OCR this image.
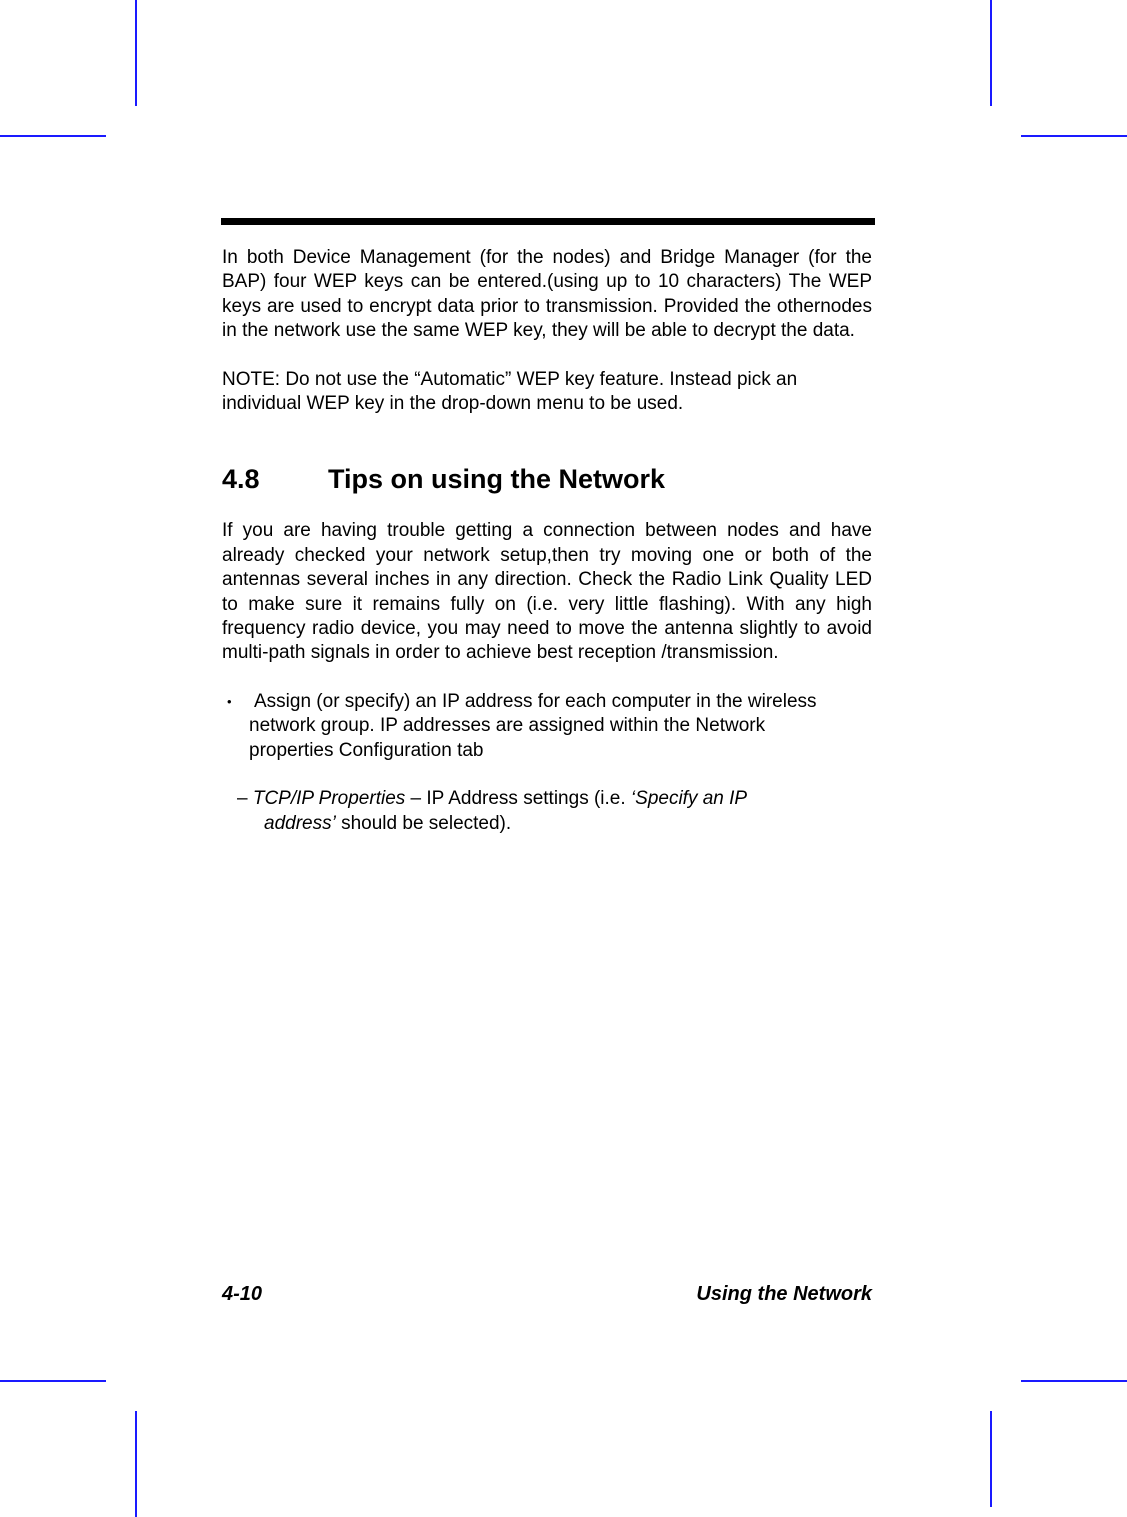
In both Device Management (for the nodes) and Bridge Manager (for the BAP) four WEP keys can be entered.(using up to 10 characters) The WEP keys are used to encrypt data prior to transmission. Provided the othernodes in the network use the same WEP key, they will be able to decrypt the data.

NOTE: Do not use the “Automatic” WEP key feature. Instead pick an
individual WEP key in the drop-down menu to be used.

4.8	Tips on using the Network

If you are having trouble getting a connection between nodes and have already checked your network setup,then try moving one or both of the antennas several inches in any direction. Check the Radio Link Quality LED to make sure it remains fully on (i.e. very little flashing). With any high frequency radio device, you may need to move the antenna slightly to avoid multi-path signals in order to achieve best reception /transmission.

•	Assign (or specify) an IP address for each computer in the wireless
network group. IP addresses are assigned within the Network
properties Configuration tab
– TCP/IP Properties – IP Address settings (i.e. ‘Specify an IP
address’ should be selected).
4-10	Using the Network
